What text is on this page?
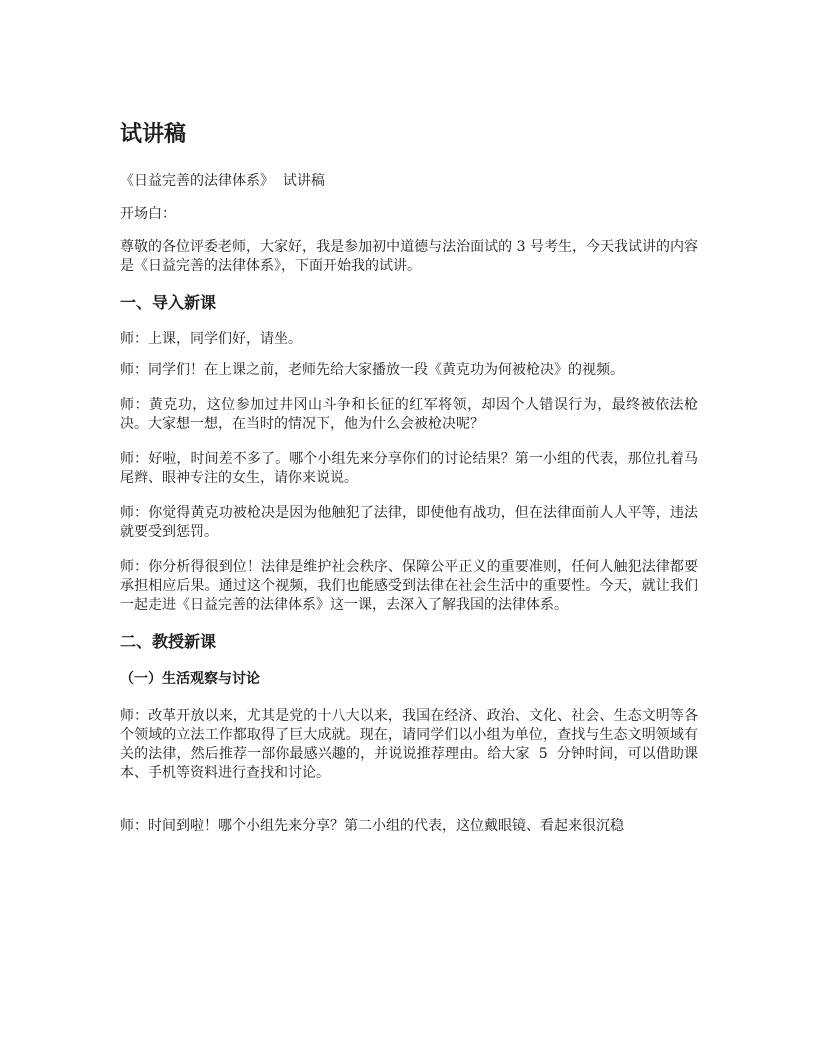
试讲稿

《日益完善的法律体系》  试讲稿

开场白：

尊敬的各位评委老师，大家好，我是参加初中道德与法治面试的 3 号考生，今天我试讲的内容是《日益完善的法律体系》，下面开始我的试讲。

一、导入新课

师：上课，同学们好，请坐。

师：同学们！在上课之前，老师先给大家播放一段《黄克功为何被枪决》的视频。

师：黄克功，这位参加过井冈山斗争和长征的红军将领，却因个人错误行为，最终被依法枪决。大家想一想，在当时的情况下，他为什么会被枪决呢？

师：好啦，时间差不多了。哪个小组先来分享你们的讨论结果？第一小组的代表，那位扎着马尾辫、眼神专注的女生，请你来说说。

师：你觉得黄克功被枪决是因为他触犯了法律，即使他有战功，但在法律面前人人平等，违法就要受到惩罚。

师：你分析得很到位！法律是维护社会秩序、保障公平正义的重要准则，任何人触犯法律都要承担相应后果。通过这个视频，我们也能感受到法律在社会生活中的重要性。今天，就让我们一起走进《日益完善的法律体系》这一课，去深入了解我国的法律体系。

二、教授新课
（一）生活观察与讨论

师：改革开放以来，尤其是党的十八大以来，我国在经济、政治、文化、社会、生态文明等各个领域的立法工作都取得了巨大成就。现在，请同学们以小组为单位，查找与生态文明领域有关的法律，然后推荐一部你最感兴趣的，并说说推荐理由。给大家  5  分钟时间，可以借助课本、手机等资料进行查找和讨论。

师：时间到啦！哪个小组先来分享？第二小组的代表，这位戴眼镜、看起来很沉稳
